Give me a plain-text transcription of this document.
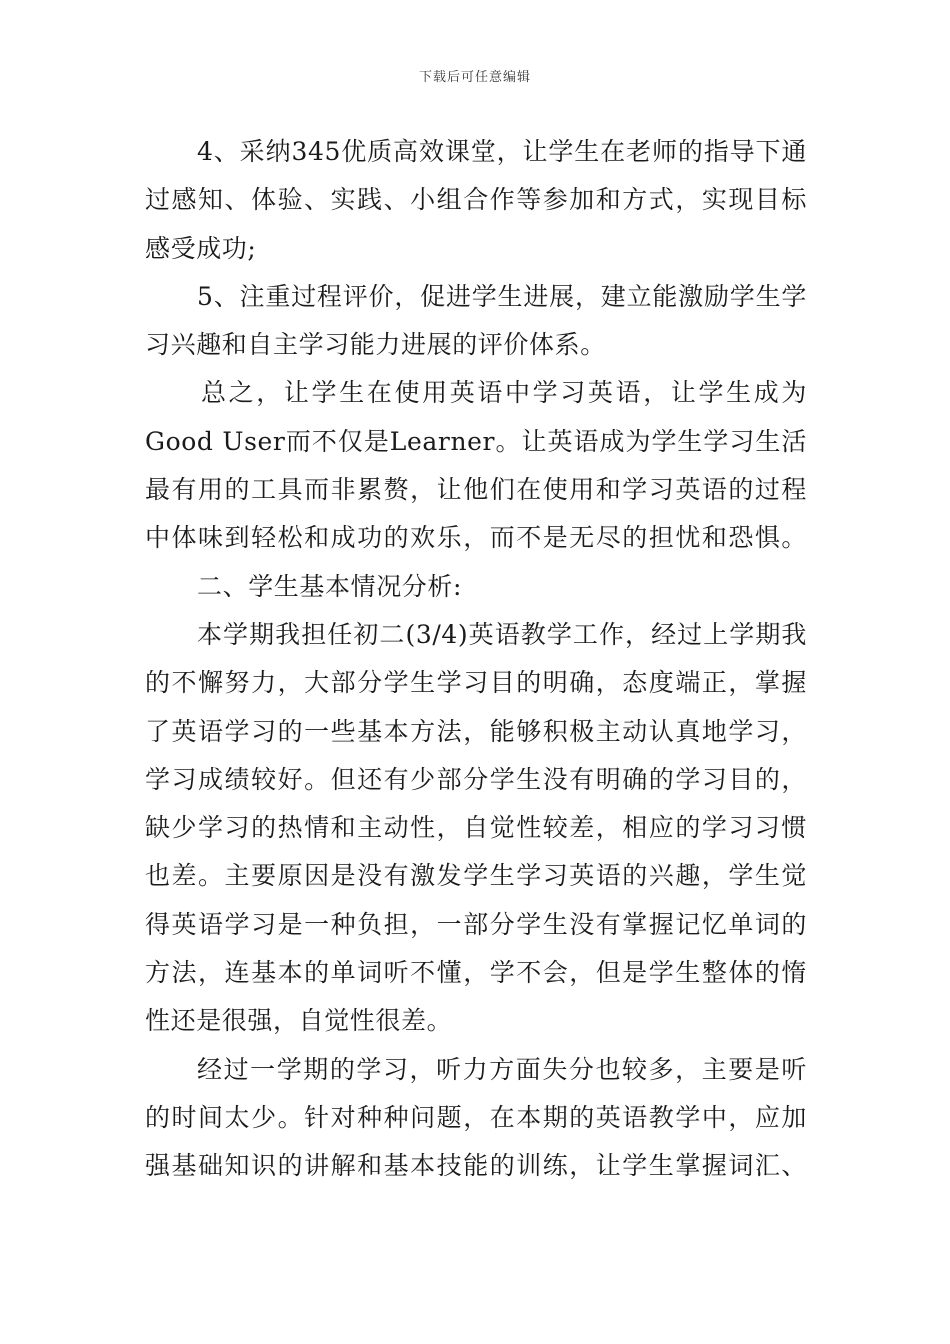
下载后可任意编辑
4、采纳345优质高效课堂，让学生在老师的指导下通
过感知、体验、实践、小组合作等参加和方式，实现目标
感受成功;
5、注重过程评价，促进学生进展，建立能激励学生学
习兴趣和自主学习能力进展的评价体系。
总之，让学生在使用英语中学习英语，让学生成为
Good User而不仅是Learner。让英语成为学生学习生活
最有用的工具而非累赘，让他们在使用和学习英语的过程
中体味到轻松和成功的欢乐，而不是无尽的担忧和恐惧。
二、学生基本情况分析:
本学期我担任初二(3/4)英语教学工作，经过上学期我
的不懈努力，大部分学生学习目的明确，态度端正，掌握
了英语学习的一些基本方法，能够积极主动认真地学习，
学习成绩较好。但还有少部分学生没有明确的学习目的，
缺少学习的热情和主动性，自觉性较差，相应的学习习惯
也差。主要原因是没有激发学生学习英语的兴趣，学生觉
得英语学习是一种负担，一部分学生没有掌握记忆单词的
方法，连基本的单词听不懂，学不会，但是学生整体的惰
性还是很强，自觉性很差。
经过一学期的学习，听力方面失分也较多，主要是听
的时间太少。针对种种问题，在本期的英语教学中，应加
强基础知识的讲解和基本技能的训练，让学生掌握词汇、
